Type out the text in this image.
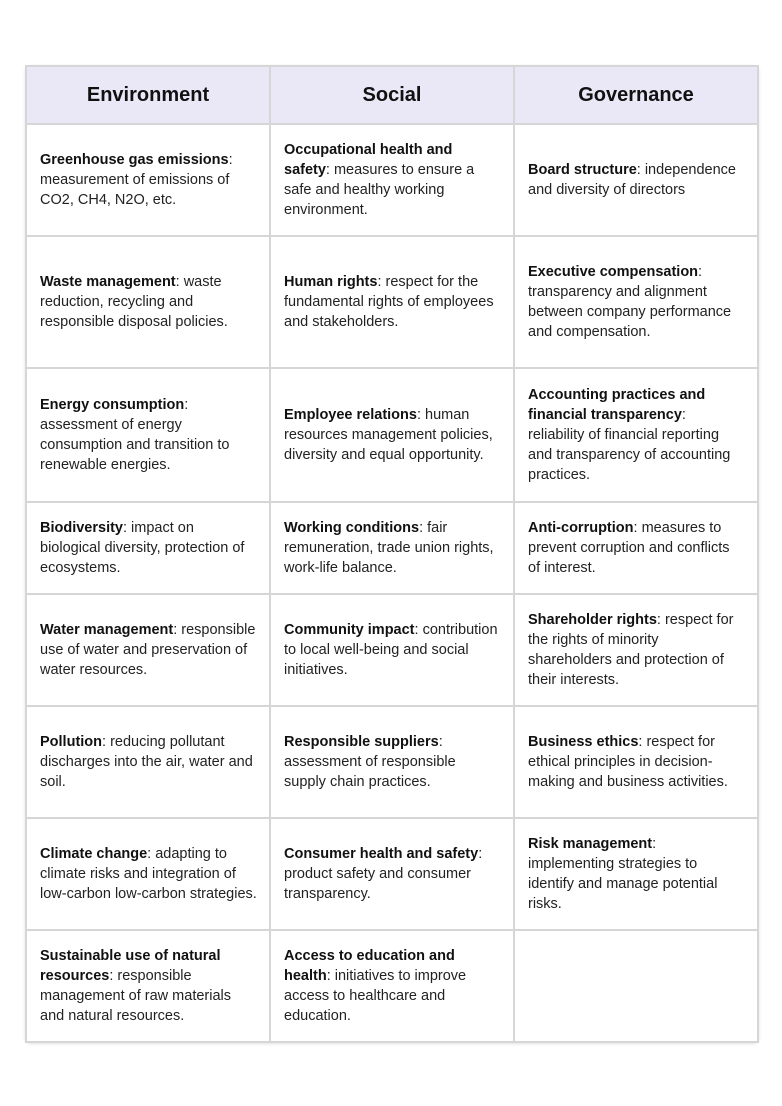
Environment	Social	Governance
Greenhouse gas emissions: measurement of emissions of CO2, CH4, N2O, etc.	Occupational health and safety: measures to ensure a safe and healthy working environment.	Board structure: independence and diversity of directors
Waste management: waste reduction, recycling and responsible disposal policies.	Human rights: respect for the fundamental rights of employees and stakeholders.	Executive compensation: transparency and alignment between company performance and compensation.
Energy consumption: assessment of energy consumption and transition to renewable energies.	Employee relations: human resources management policies, diversity and equal opportunity.	Accounting practices and financial transparency: reliability of financial reporting and transparency of accounting practices.
Biodiversity: impact on biological diversity, protection of ecosystems.	Working conditions: fair remuneration, trade union rights, work-life balance.	Anti-corruption: measures to prevent corruption and conflicts of interest.
Water management: responsible use of water and preservation of water resources.	Community impact: contribution to local well-being and social initiatives.	Shareholder rights: respect for the rights of minority shareholders and protection of their interests.
Pollution: reducing pollutant discharges into the air, water and soil.	Responsible suppliers: assessment of responsible supply chain practices.	Business ethics: respect for ethical principles in decision-making and business activities.
Climate change: adapting to climate risks and integration of low-carbon low-carbon strategies.	Consumer health and safety: product safety and consumer transparency.	Risk management: implementing strategies to identify and manage potential risks.
Sustainable use of natural resources: responsible management of raw materials and natural resources.	Access to education and health: initiatives to improve access to healthcare and education.	
